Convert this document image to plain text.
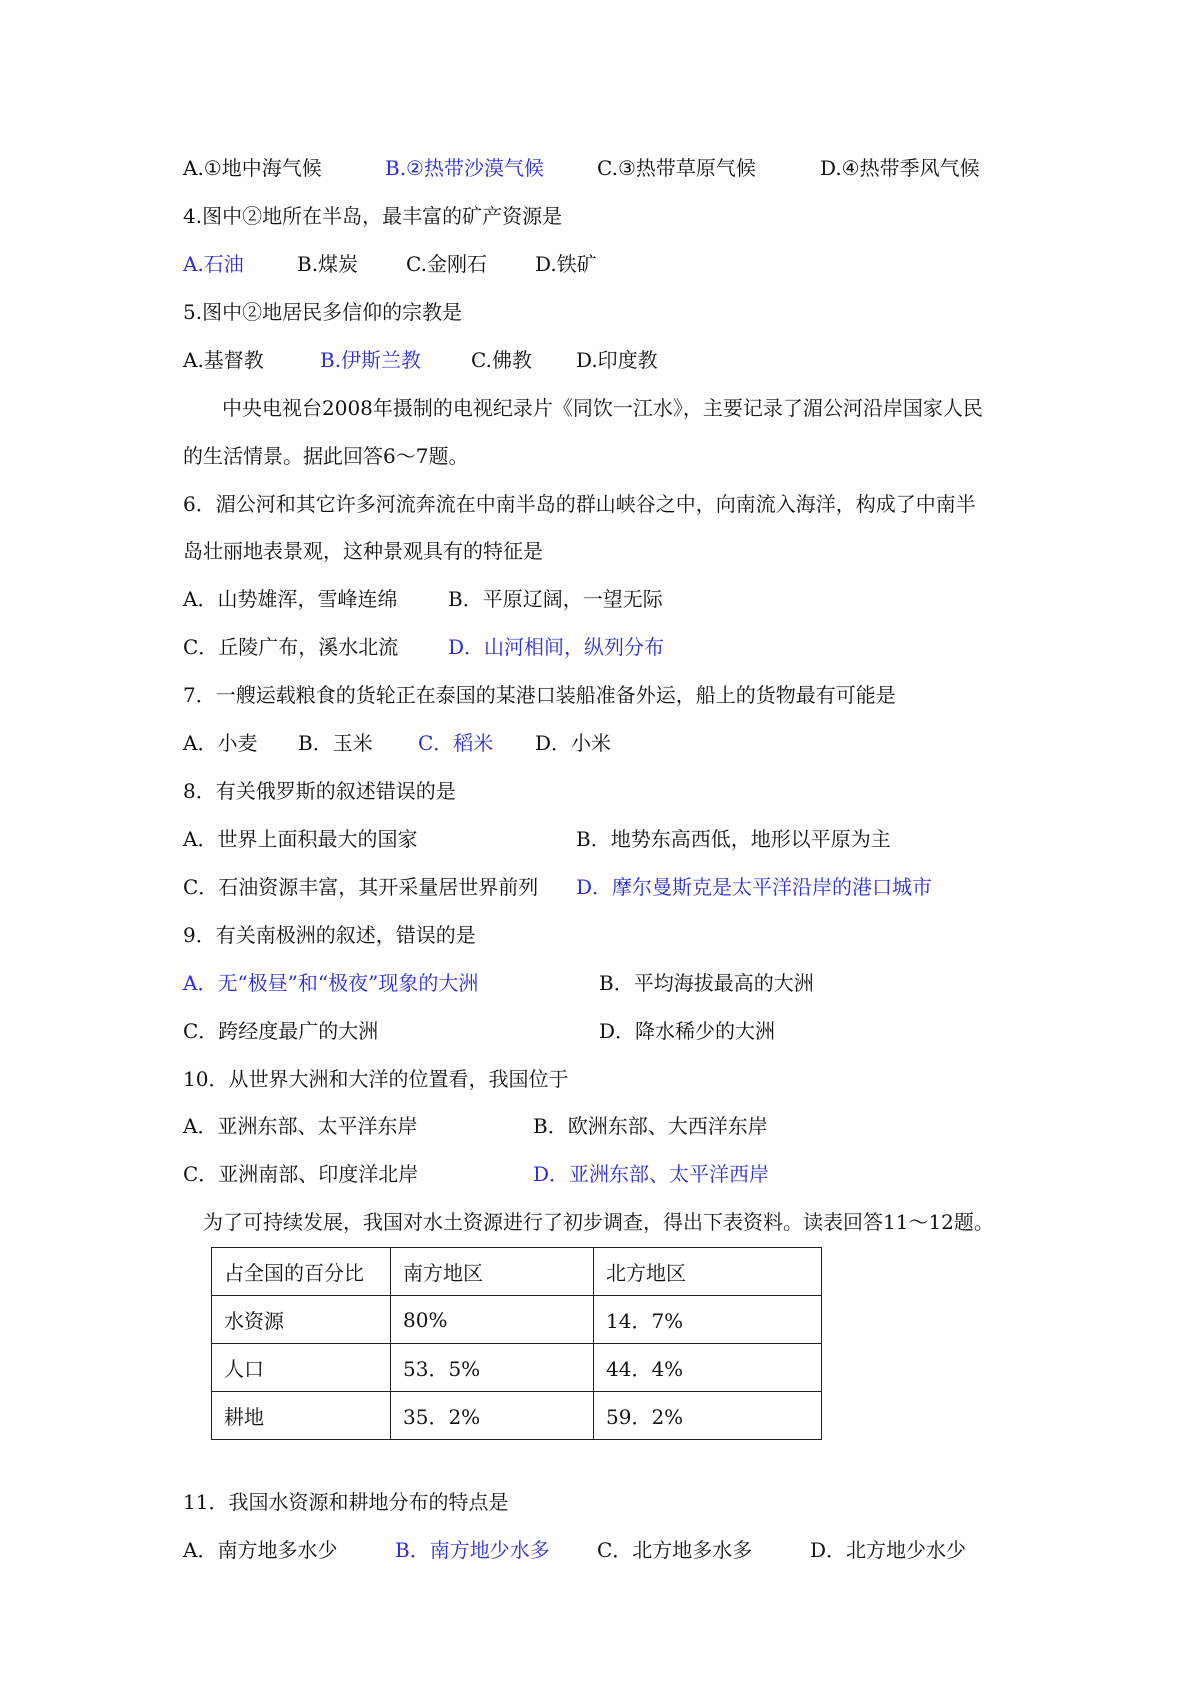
A.①地中海气候	B.②热带沙漠气候	C.③热带草原气候	D.④热带季风气候
4.图中②地所在半岛，最丰富的矿产资源是
A.石油	B.煤炭 C.金刚石 D.铁矿
5.图中②地居民多信仰的宗教是
A.基督教	B.伊斯兰教 C.佛教 D.印度教
中央电视台2008年摄制的电视纪录片《同饮一江水》，主要记录了湄公河沿岸国家人民
的生活情景。据此回答6～7题。
6．湄公河和其它许多河流奔流在中南半岛的群山峡谷之中，向南流入海洋，构成了中南半
岛壮丽地表景观，这种景观具有的特征是
A．山势雄浑，雪峰连绵	B．平原辽阔，一望无际
C．丘陵广布，溪水北流 D．山河相间，纵列分布
7．一艘运载粮食的货轮正在泰国的某港口装船准备外运，船上的货物最有可能是
A．小麦 B．玉米 C．稻米 D．小米
8．有关俄罗斯的叙述错误的是
A．世界上面积最大的国家	B．地势东高西低，地形以平原为主
C．石油资源丰富，其开采量居世界前列 D．摩尔曼斯克是太平洋沿岸的港口城市
9．有关南极洲的叙述，错误的是
A．无“极昼”和“极夜”现象的大洲	B．平均海拔最高的大洲
C．跨经度最广的大洲	D．降水稀少的大洲
10．从世界大洲和大洋的位置看，我国位于
A．亚洲东部、太平洋东岸	B．欧洲东部、大西洋东岸
C．亚洲南部、印度洋北岸	D．亚洲东部、太平洋西岸
为了可持续发展，我国对水土资源进行了初步调查，得出下表资料。读表回答11～12题。
占全国的百分比	南方地区	北方地区
水资源	80%	14．7%
人口	53．5%	44．4%
耕地	35．2%	59．2%
11．我国水资源和耕地分布的特点是
A．南方地多水少	B．南方地少水多 C．北方地多水多	D．北方地少水少
